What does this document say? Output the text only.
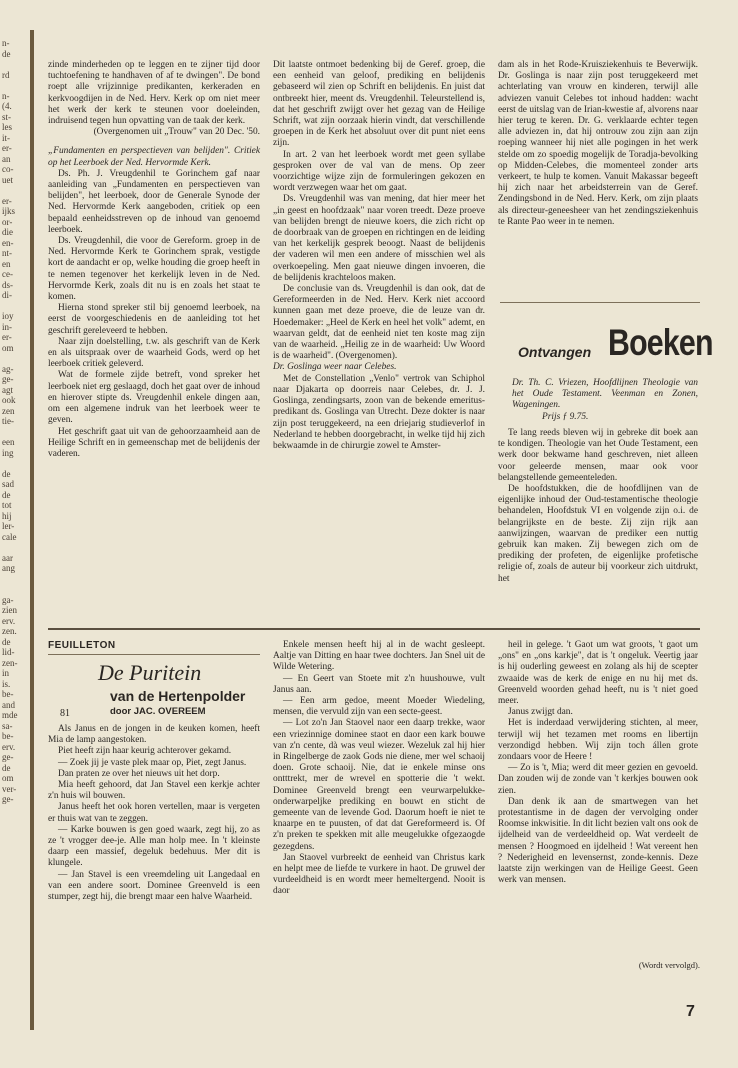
n-
de

rd

n-
(4.
st-
les
it-
er-
an
co-
uet

er-
ijks
or-
die
en-
nt-
en
ce-
ds-
di-

ioy
in-
er-
om

ag-
ge-
agt
ook
zen
tie-

een
ing

de
sad
de
tot
hij
ler-
cale

aar
ang

ga-
zien
erv.
zen.
de
lid-
zen-
in
is.
be-
and
mde
sa-
be-
erv.
ge-
de
om
ver-
ge-

zinde minderheden op te leggen en te zijner tijd door tuchtoefening te handhaven of af te dwingen". De bond roept alle vrijzinnige predikanten, kerkeraden en kerkvoogdijen in de Ned. Herv. Kerk op om niet meer het werk der kerk te steunen voor doeleinden, indruisend tegen hun opvatting van de taak der kerk.

(Overgenomen uit „Trouw" van 20 Dec. '50.

„Fundamenten en perspectieven van belijden". Critiek op het Leerboek der Ned. Hervormde Kerk.

Ds. Ph. J. Vreugdenhil te Gorinchem gaf naar aanleiding van „Fundamenten en perspectieven van belijden", het leerboek, door de Generale Synode der Ned. Hervormde Kerk aangeboden, critiek op een bepaald eenheidsstreven op de inhoud van genoemd leerboek.

Ds. Vreugdenhil, die voor de Gereform. groep in de Ned. Hervormde Kerk te Gorinchem sprak, vestigde kort de aandacht er op, welke houding die groep heeft in te nemen tegenover het kerkelijk leven in de Ned. Hervormde Kerk, zoals dit nu is en zoals het staat te komen.

Hierna stond spreker stil bij genoemd leerboek, na eerst de voorgeschiedenis en de aanleiding tot het geschrift gereleveerd te hebben.

Naar zijn doelstelling, t.w. als geschrift van de Kerk en als uitspraak over de waarheid Gods, werd op het leerboek critiek geleverd.

Wat de formele zijde betreft, vond spreker het leerboek niet erg geslaagd, doch het gaat over de inhoud en hierover stipte ds. Vreugdenhil enkele dingen aan, om een algemene indruk van het leerboek weer te geven.

Het geschrift gaat uit van de gehoorzaamheid aan de Heilige Schrift en in gemeenschap met de belijdenis der vaderen.

Dit laatste ontmoet bedenking bij de Geref. groep, die een eenheid van geloof, prediking en belijdenis gebaseerd wil zien op Schrift en belijdenis. En juist dat ontbreekt hier, meent ds. Vreugdenhil. Teleurstellend is, dat het geschrift zwijgt over het gezag van de Heilige Schrift, wat zijn oorzaak hierin vindt, dat verschillende groepen in de Kerk het absoluut over dit punt niet eens zijn.

In art. 2 van het leerboek wordt met geen syllabe gesproken over de val van de mens. Op zeer voorzichtige wijze zijn de formuleringen gekozen en wordt verzwegen waar het om gaat.

Ds. Vreugdenhil was van mening, dat hier meer het „in geest en hoofdzaak" naar voren treedt. Deze proeve van belijden brengt de nieuwe koers, die zich richt op de doorbraak van de groepen en richtingen en de leiding van het kerkelijk gesprek beoogt. Naast de belijdenis der vaderen wil men een andere of misschien wel als overkoepeling. Men gaat nieuwe dingen invoeren, die de belijdenis krachteloos maken.

De conclusie van ds. Vreugdenhil is dan ook, dat de Gereformeerden in de Ned. Herv. Kerk niet accoord kunnen gaan met deze proeve, die de leuze van dr. Hoedemaker: „Heel de Kerk en heel het volk" ademt, en waarvan geldt, dat de eenheid niet ten koste mag zijn van de waarheid. „Heilig ze in de waarheid: Uw Woord is de waarheid". (Overgenomen).

Dr. Goslinga weer naar Celebes.

Met de Constellation „Venlo" vertrok van Schiphol naar Djakarta op doorreis naar Celebes, dr. J. J. Goslinga, zendingsarts, zoon van de bekende emeritus-predikant ds. Goslinga van Utrecht. Deze dokter is naar zijn post teruggekeerd, na een driejarig studieverlof in Nederland te hebben doorgebracht, in welke tijd hij zich bekwaamde in de chirurgie zowel te Amster-

dam als in het Rode-Kruisziekenhuis te Beverwijk. Dr. Goslinga is naar zijn post teruggekeerd met achterlating van vrouw en kinderen, terwijl alle adviezen vanuit Celebes tot inhoud hadden: wacht eerst de uitslag van de Irian-kwestie af, alvorens naar hier terug te keren. Dr. G. verklaarde echter tegen alle adviezen in, dat hij ontrouw zou zijn aan zijn roeping wanneer hij niet alle pogingen in het werk stelde om zo spoedig mogelijk de Toradja-bevolking op Midden-Celebes, die momenteel zonder arts verkeert, te hulp te komen. Vanuit Makassar begeeft hij zich naar het arbeidsterrein van de Geref. Zendingsbond in de Ned. Herv. Kerk, om zijn plaats als directeur-geneesheer van het zendingsziekenhuis te Rante Pao weer in te nemen.

Ontvangen Boeken

Dr. Th. C. Vriezen, Hoofdlijnen Theologie van het Oude Testament. Veenman en Zonen, Wageningen.

Prijs ƒ 9.75.

Te lang reeds bleven wij in gebreke dit boek aan te kondigen. Theologie van het Oude Testament, een werk door bekwame hand geschreven, niet alleen voor geleerde mensen, maar ook voor belangstellende gemeenteleden.

De hoofdstukken, die de hoofdlijnen van de eigenlijke inhoud der Oud-testamentische theologie behandelen, Hoofdstuk VI en volgende zijn o.i. de belangrijkste en de beste. Zij zijn rijk aan aanwijzingen, waarvan de prediker een nuttig gebruik kan maken. Zij bewegen zich om de prediking der profeten, de eigenlijke profetische religie of, zoals de auteur bij voorkeur zich uitdrukt, het

FEUILLETON
De Puritein
van de Hertenpolder
81	door JAC. OVEREEM

Als Janus en de jongen in de keuken komen, heeft Mia de lamp aangestoken.

Piet heeft zijn haar keurig achterover gekamd.

— Zoek jij je vaste plek maar op, Piet, zegt Janus.

Dan praten ze over het nieuws uit het dorp.

Mia heeft gehoord, dat Jan Stavel een kerkje achter z'n huis wil bouwen.

Janus heeft het ook horen vertellen, maar is vergeten er thuis wat van te zeggen.

— Karke bouwen is gen goed waark, zegt hij, zo as ze 't vrogger dee-je. Alle man holp mee. In 't kleinste daarp een massief, degeluk bedehuus. Mer dit is klungele.

— Jan Stavel is een vreemdeling uit Langedaal en van een andere soort. Dominee Greenveld is een stumper, zegt hij, die brengt maar een halve Waarheid.

Enkele mensen heeft hij al in de wacht gesleept. Aaltje van Ditting en haar twee dochters. Jan Snel uit de Wilde Wetering.

— En Geert van Stoete mit z'n huushouwe, vult Janus aan.

— Een arm gedoe, meent Moeder Wiedeling, mensen, die vervuld zijn van een secte-geest.

— Lot zo'n Jan Staovel naor een daarp trekke, waor een vriezinnige dominee staot en daor een kark bouwe van z'n cente, dà was veul wiezer. Wezeluk zal hij hier in Ringelberge de zaok Gods nie diene, mer wel schaoij doen. Grote schaoij. Nie, dat ie enkele minse ons ontttrekt, mer de wrevel en spotterie die 't wekt. Dominee Greenveld brengt een veurwarpelukke-onderwarpeljke prediking en bouwt en sticht de gemeente van de levende God. Daorum hoeft ie niet te knaarpe en te puusten, of dat dat Gereformeerd is. Of z'n preken te spekken mit alle meugelukke ofgezaogde gezegdens.

Jan Staovel vurbreekt de eenheid van Christus kark en helpt mee de liefde te vurkere in haot. De gruwel der vurdeeldheid is en wordt meer hemeltergend. Nooit is daor

heil in gelege. 't Gaot um wat groots, 't gaot um „ons" en „ons karkje", dat is 't ongeluk. Veertig jaar is hij ouderling geweest en zolang als hij de scepter zwaaide was de kerk de enige en nu hij met ds. Greenveld woorden gehad heeft, nu is 't niet goed meer.

Janus zwijgt dan.

Het is inderdaad verwijdering stichten, al meer, terwijl wij het tezamen met rooms en libertijn verzondigd hebben. Wij zijn toch állen grote zondaars voor de Heere !

— Zo is 't, Mia; werd dit meer gezien en gevoeld. Dan zouden wij de zonde van 't kerkjes bouwen ook zien.

Dan denk ik aan de smartwegen van het protestantisme in de dagen der vervolging onder Roomse inkwisitie. In dit licht bezien valt ons ook de ijdelheid van de verdeeldheid op. Wat verdeelt de mensen ? Hoogmoed en ijdelheid ! Wat vereent hen ? Nederigheid en levensernst, zonde-kennis. Deze laatste zijn werkingen van de Heilige Geest. Geen werk van mensen.

(Wordt vervolgd).

7
